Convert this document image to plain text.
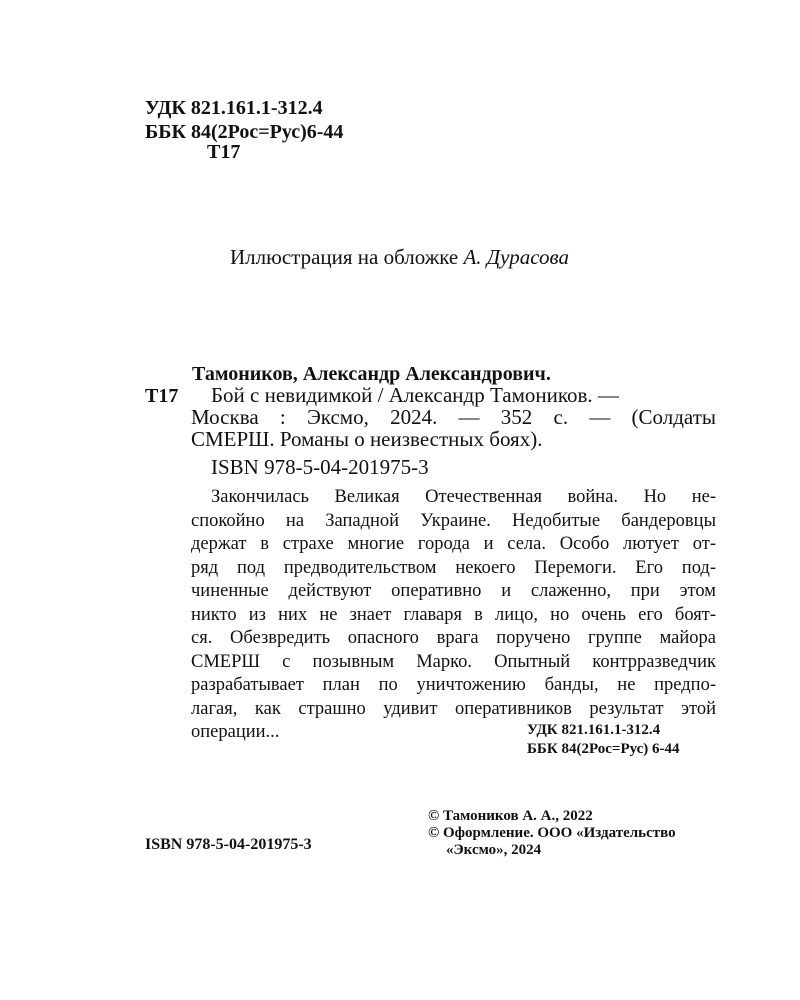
УДК 821.161.1-312.4
ББК 84(2Рос=Рус)6-44
Т17
Иллюстрация на обложке А. Дурасова
Тамоников, Александр Александрович.
Т17	Бой с невидимкой / Александр Тамоников. —
Москва : Эксмо, 2024. — 352 с. — (Солдаты
СМЕРШ. Романы о неизвестных боях).
ISBN 978-5-04-201975-3
Закончилась Великая Отечественная война. Но не-
спокойно на Западной Украине. Недобитые бандеровцы
держат в страхе многие города и села. Особо лютует от-
ряд под предводительством некоего Перемоги. Его под-
чиненные действуют оперативно и слаженно, при этом
никто из них не знает главаря в лицо, но очень его боят-
ся. Обезвредить опасного врага поручено группе майора
СМЕРШ с позывным Марко. Опытный контрразведчик
разрабатывает план по уничтожению банды, не предпо-
лагая, как страшно удивит оперативников результат этой
операции...	УДК 821.161.1-312.4
ББК 84(2Рос=Рус) 6-44
© Тамоников А. А., 2022
© Оформление. ООО «Издательство
«Эксмо», 2024
ISBN 978-5-04-201975-3
